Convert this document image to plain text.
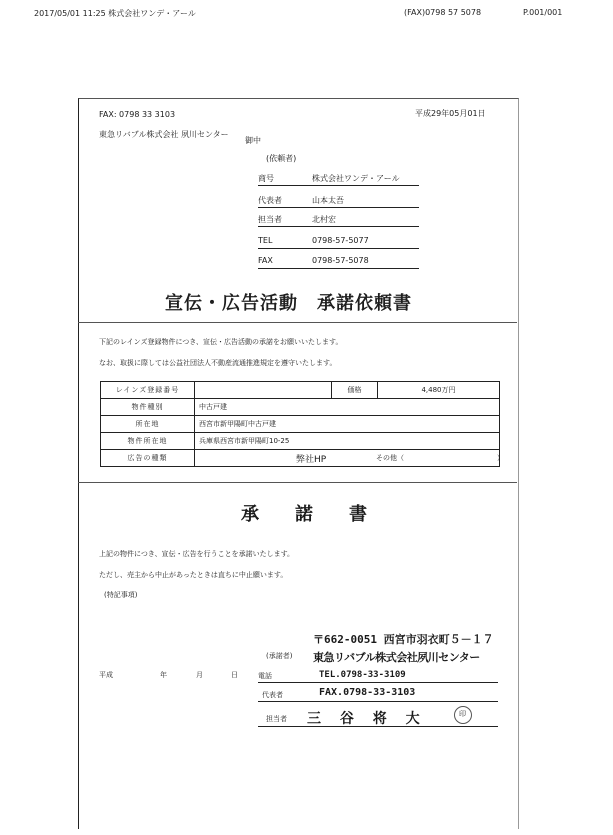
2017/05/01 11:25 株式会社ワンデ・アール	(FAX)0798 57 5078	P.001/001
FAX: 0798 33 3103
東急リバブル株式会社 夙川センター
御中
平成29年05月01日
(依頼者)
商号	株式会社ワンデ・アール
代表者	山本太吾
担当者	北村宏
TEL	0798-57-5077
FAX	0798-57-5078
宣伝・広告活動　承諾依頼書
下記のレインズ登録物件につき、宣伝・広告活動の承諾をお願いいたします。
なお、取扱に際しては公益社団法人不動産流通推進規定を遵守いたします。
レインズ登録番号		価格	4,480万円
物件種別	中古戸建		
所在地	西宮市新甲陽町中古戸建		
物件所在地	兵庫県西宮市新甲陽町10-25		
広告の種類	弊社HP その他（ ）		
承　　諾　　書
上記の物件につき、宣伝・広告を行うことを承諾いたします。
ただし、売主から中止があったときは直ちに中止願います。
(特記事項)
平成	年	月	日
(承諾者)
〒662-0051 西宮市羽衣町５－１７
東急リバブル株式会社夙川センター
電話	TEL.0798-33-3109
代表者	FAX.0798-33-3103
担当者 三 谷 将 大	印
